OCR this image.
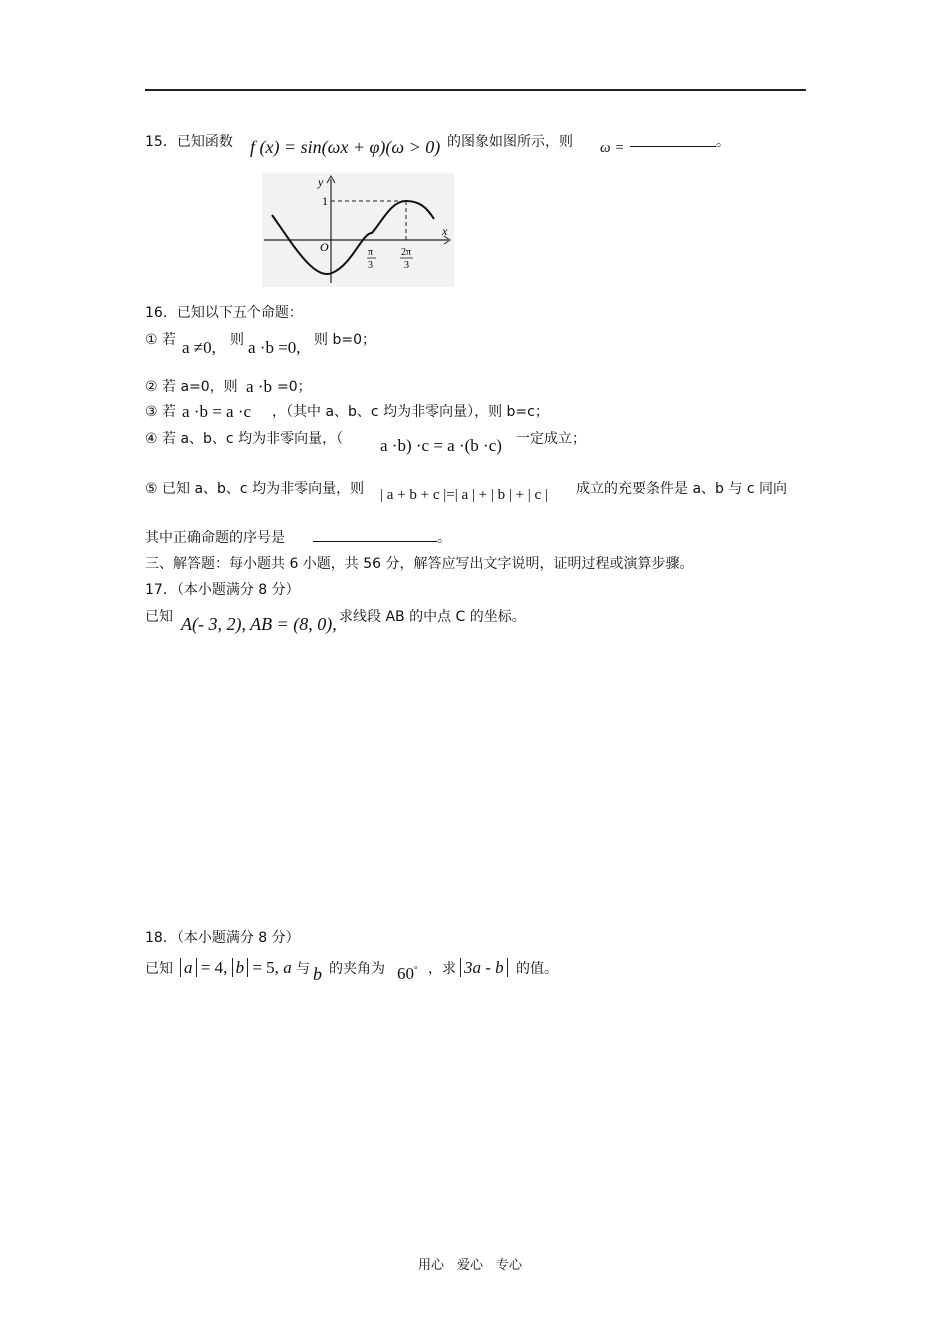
15．已知函数 f (x) = sin(ωx + φ)(ω > 0) 的图象如图所示，则 ω =	。
y
x
O
1
π
3
2π
3
16．已知以下五个命题：
① 若 a ≠0, 则 a ·b =0, 则 b=0；
② 若 a=0，则 a ·b =0；
③ 若 a ·b = a ·c ，（其中 a、b、c 均为非零向量），则 b=c；
④ 若 a、b、c 均为非零向量，（ a ·b) ·c = a ·(b ·c) 一定成立；
⑤ 已知 a、b、c 均为非零向量，则 | a + b + c |=| a | + | b | + | c | 成立的充要条件是 a、b 与 c 同向
其中正确命题的序号是	。
三、解答题：每小题共 6 小题，共 56 分，解答应写出文字说明，证明过程或演算步骤。
17．（本小题满分 8 分）
已知 A(- 3, 2), AB = (8, 0), 求线段 AB 的中点 C 的坐标。
18．（本小题满分 8 分）
已知 a = 4, b = 5, a 与 b 的夹角为 60° ，求 3a - b 的值。
用心　爱心　专心
